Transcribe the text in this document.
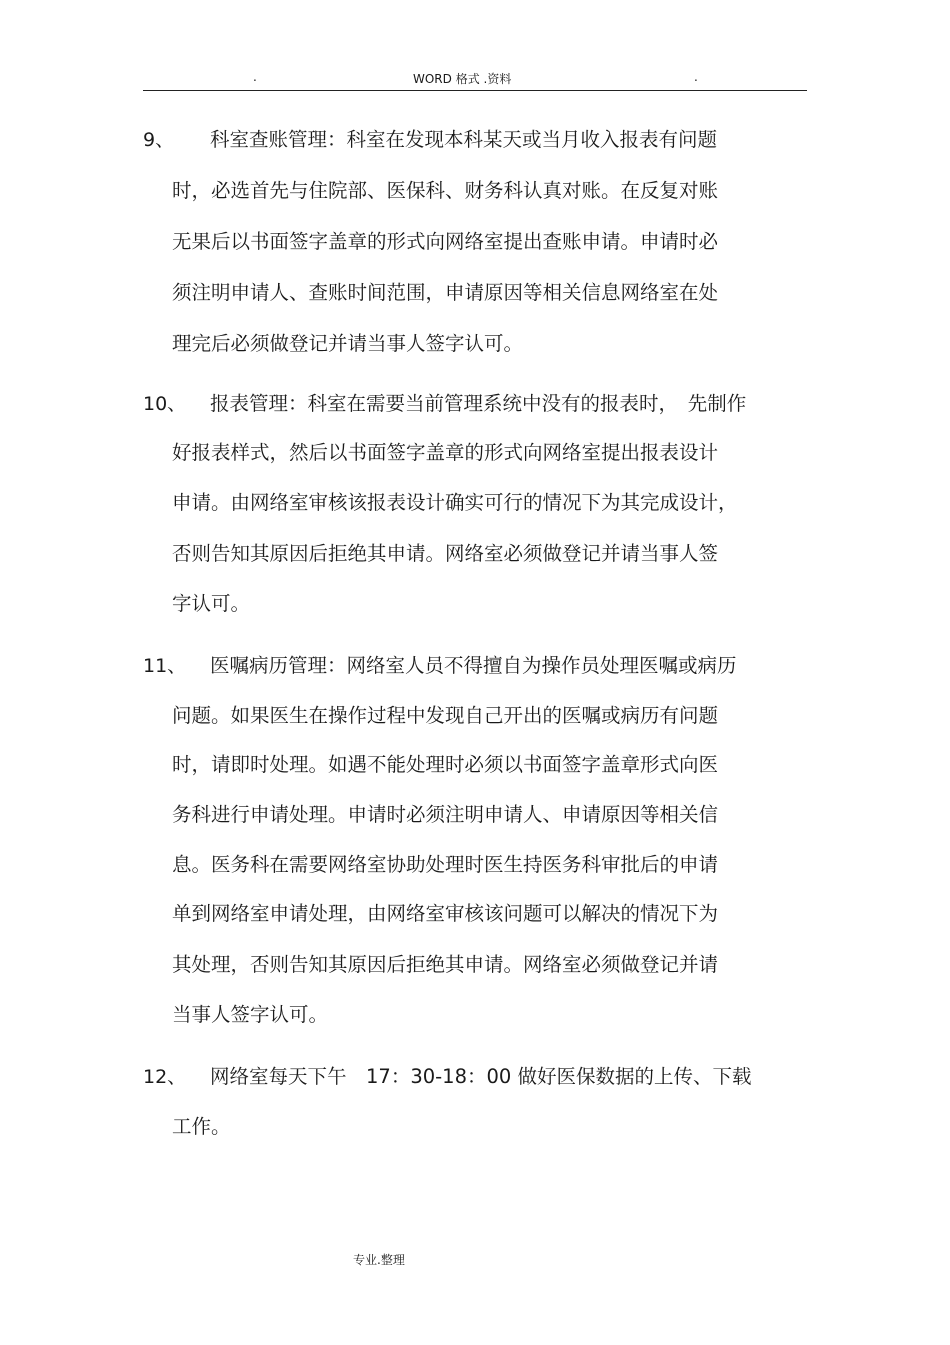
.	WORD 格式 .资料	.
9、 科室查账管理：科室在发现本科某天或当月收入报表有问题
时，必选首先与住院部、医保科、财务科认真对账。在反复对账
无果后以书面签字盖章的形式向网络室提出查账申请。申请时必
须注明申请人、查账时间范围，申请原因等相关信息网络室在处
理完后必须做登记并请当事人签字认可。
10、 报表管理：科室在需要当前管理系统中没有的报表时，　先制作
好报表样式，然后以书面签字盖章的形式向网络室提出报表设计
申请。由网络室审核该报表设计确实可行的情况下为其完成设计，
否则告知其原因后拒绝其申请。网络室必须做登记并请当事人签
字认可。
11、 医嘱病历管理：网络室人员不得擅自为操作员处理医嘱或病历
问题。如果医生在操作过程中发现自己开出的医嘱或病历有问题
时，请即时处理。如遇不能处理时必须以书面签字盖章形式向医
务科进行申请处理。申请时必须注明申请人、申请原因等相关信
息。医务科在需要网络室协助处理时医生持医务科审批后的申请
单到网络室申请处理，由网络室审核该问题可以解决的情况下为
其处理，否则告知其原因后拒绝其申请。网络室必须做登记并请
当事人签字认可。
12、 网络室每天下午　17：30-18：00 做好医保数据的上传、下载
工作。
专业.整理
